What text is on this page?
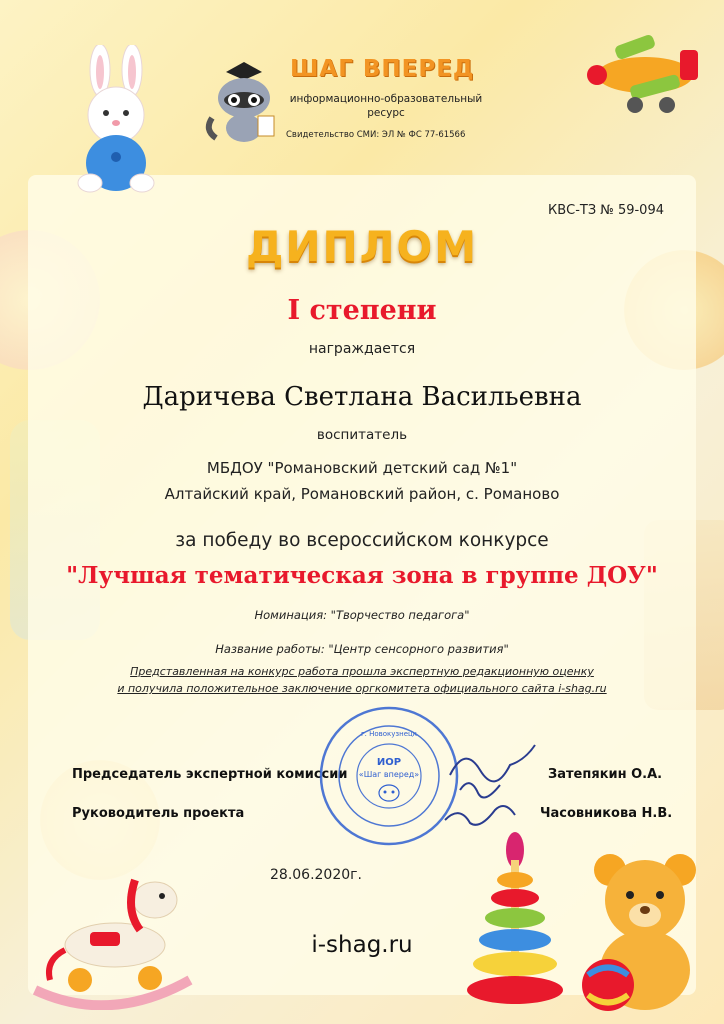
ШАГ ВПЕРЕД
информационно-образовательный ресурс
Свидетельство СМИ: ЭЛ № ФС 77-61566
КВС-ТЗ № 59-094
ДИПЛОМ
I степени
награждается
Даричева Светлана Васильевна
воспитатель
МБДОУ "Романовский детский сад №1"
Алтайский край, Романовский район, с. Романово
за победу во всероссийском конкурсе
"Лучшая тематическая зона в группе ДОУ"
Номинация: "Творчество педагога"
Название работы: "Центр сенсорного развития"
Представленная на конкурс работа прошла экспертную редакционную оценку
и получила положительное заключение оргкомитета официального сайта i-shag.ru
Председатель экспертной комиссии	Затепякин О.А.
Руководитель проекта	Часовникова Н.В.
г. Новокузнецк
ИОР
«Шаг вперед»
28.06.2020г.
i-shag.ru
